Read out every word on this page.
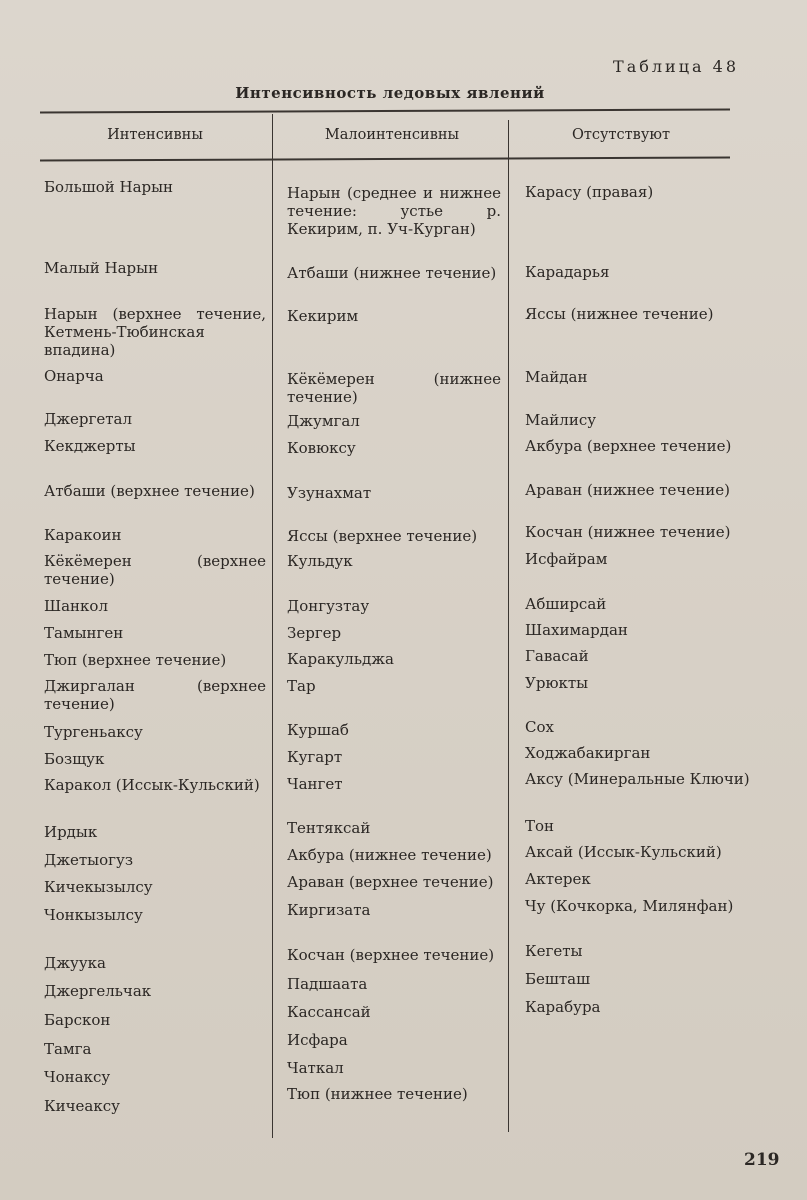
Таблица 48
Интенсивность ледовых явлений
Интенсивны	Малоинтенсивны	Отсутствуют
Большой Нарын
Малый Нарын
Нарын (верхнее течение, Кетмень-Тюбинская впадина)
Онарча
Джергетал
Кекджерты
Атбаши (верхнее течение)
Каракоин
Кёкёмерен (верхнее течение)
Шанкол
Тамынген
Тюп (верхнее течение)
Джиргалан (верхнее течение)
Тургеньаксу
Бозщук
Каракол (Иссык-Кульский)
Ирдык
Джетыогуз
Кичекызылсу
Чонкызылсу
Джуука
Джергельчак
Барскон
Тамга
Чонаксу
Кичеаксу
Нарын (среднее и нижнее течение: устье р. Кекирим, п. Уч-Курган)
Атбаши (нижнее течение)
Кекирим
Кёкёмерен (нижнее течение)
Джумгал
Ковюксу
Узунахмат
Яссы (верхнее течение)
Кульдук
Донгузтау
Зергер
Каракульджа
Тар
Куршаб
Кугарт
Чангет
Тентяксай
Акбура (нижнее течение)
Араван (верхнее течение)
Киргизата
Косчан (верхнее течение)
Падшаата
Кассансай
Исфара
Чаткал
Тюп (нижнее течение)
Карасу (правая)
Карадарья
Яссы (нижнее течение)
Майдан
Майлису
Акбура (верхнее течение)
Араван (нижнее течение)
Косчан (нижнее течение)
Исфайрам
Абширсай
Шахимардан
Гавасай
Урюкты
Сох
Ходжабакирган
Аксу (Минеральные Ключи)
Тон
Аксай (Иссык-Кульский)
Актерек
Чу (Кочкорка, Милянфан)
Кегеты
Бешташ
Карабура
219
